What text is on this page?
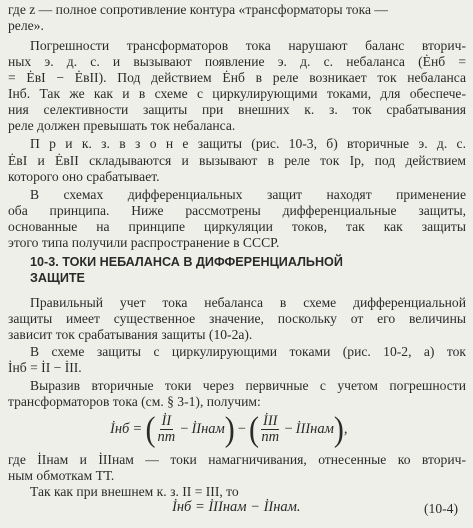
где z — полное сопротивление контура «трансформаторы тока —
реле».
Погрешности трансформаторов тока нарушают баланс вторич-
ных э. д. с. и вызывают появление э. д. с. небаланса (Ėнб =
= ĖвI − ĖвII). Под действием Ėнб в реле возникает ток небаланса
Iнб. Так же как и в схеме с циркулирующими токами, для обеспече-
ния селективности защиты при внешних к. з. ток срабатывания
реле должен превышать ток небаланса.
П р и к. з. в з о н е защиты (рис. 10-3, б) вторичные э. д. с.
ĖвI и ĖвII складываются и вызывают в реле ток Iр, под действием
которого оно срабатывает.
В схемах дифференциальных защит находят применение
оба принципа. Ниже рассмотрены дифференциальные защиты,
основанные на принципе циркуляции токов, так как защиты
этого типа получили распространение в СССР.
10-3. ТОКИ НЕБАЛАНСА В ДИФФЕРЕНЦИАЛЬНОЙ
ЗАЩИТЕ
Правильный учет тока небаланса в схеме дифференциальной
защиты имеет существенное значение, поскольку от его величины
зависит ток срабатывания защиты (10-2а).
В схеме защиты с циркулирующими токами (рис. 10-2, а) ток
İнб = İI − İII.
Выразив вторичные токи через первичные с учетом погрешности
трансформаторов тока (см. § 3-1), получим:
İнб = ( $\frac{İI}{nт}$ − İIнам ) − ( $\frac{\text{İII}}{nт}$ − İIIнам ) ,
где İIнам и İIIнам — токи намагничивания, отнесенные ко вторич-
ным обмоткам ТТ.
Так как при внешнем к. з. II = III, то
İнб = İIIнам − İIнам.	(10-4)
